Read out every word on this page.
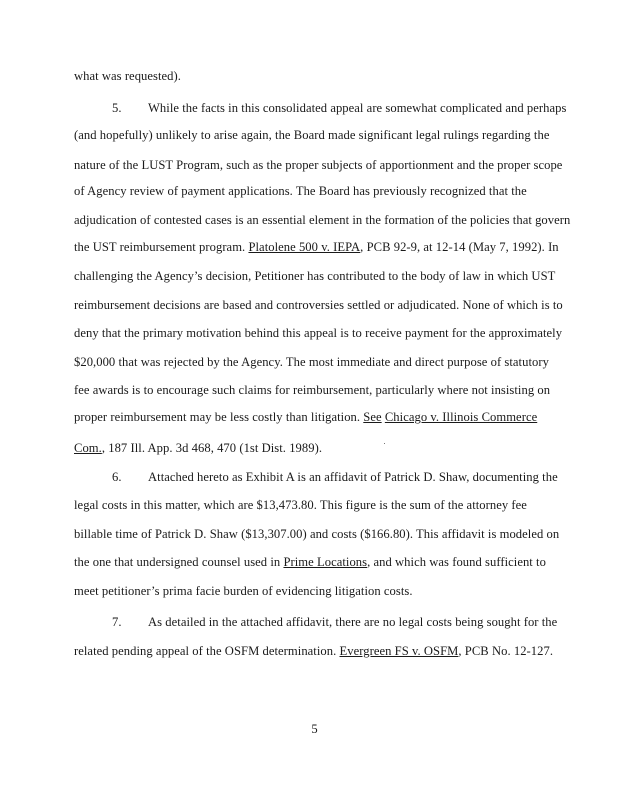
what was requested).
5. While the facts in this consolidated appeal are somewhat complicated and perhaps
(and hopefully) unlikely to arise again, the Board made significant legal rulings regarding the
nature of the LUST Program, such as the proper subjects of apportionment and the proper scope
of Agency review of payment applications. The Board has previously recognized that the
adjudication of contested cases is an essential element in the formation of the policies that govern
the UST reimbursement program. Platolene 500 v. IEPA, PCB 92-9, at 12-14 (May 7, 1992). In
challenging the Agency’s decision, Petitioner has contributed to the body of law in which UST
reimbursement decisions are based and controversies settled or adjudicated. None of which is to
deny that the primary motivation behind this appeal is to receive payment for the approximately
$20,000 that was rejected by the Agency. The most immediate and direct purpose of statutory
fee awards is to encourage such claims for reimbursement, particularly where not insisting on
proper reimbursement may be less costly than litigation. See Chicago v. Illinois Commerce
Com., 187 Ill. App. 3d 468, 470 (1st Dist. 1989).
6. Attached hereto as Exhibit A is an affidavit of Patrick D. Shaw, documenting the
legal costs in this matter, which are $13,473.80. This figure is the sum of the attorney fee
billable time of Patrick D. Shaw ($13,307.00) and costs ($166.80). This affidavit is modeled on
the one that undersigned counsel used in Prime Locations, and which was found sufficient to
meet petitioner’s prima facie burden of evidencing litigation costs.
7. As detailed in the attached affidavit, there are no legal costs being sought for the
related pending appeal of the OSFM determination. Evergreen FS v. OSFM, PCB No. 12-127.
5
